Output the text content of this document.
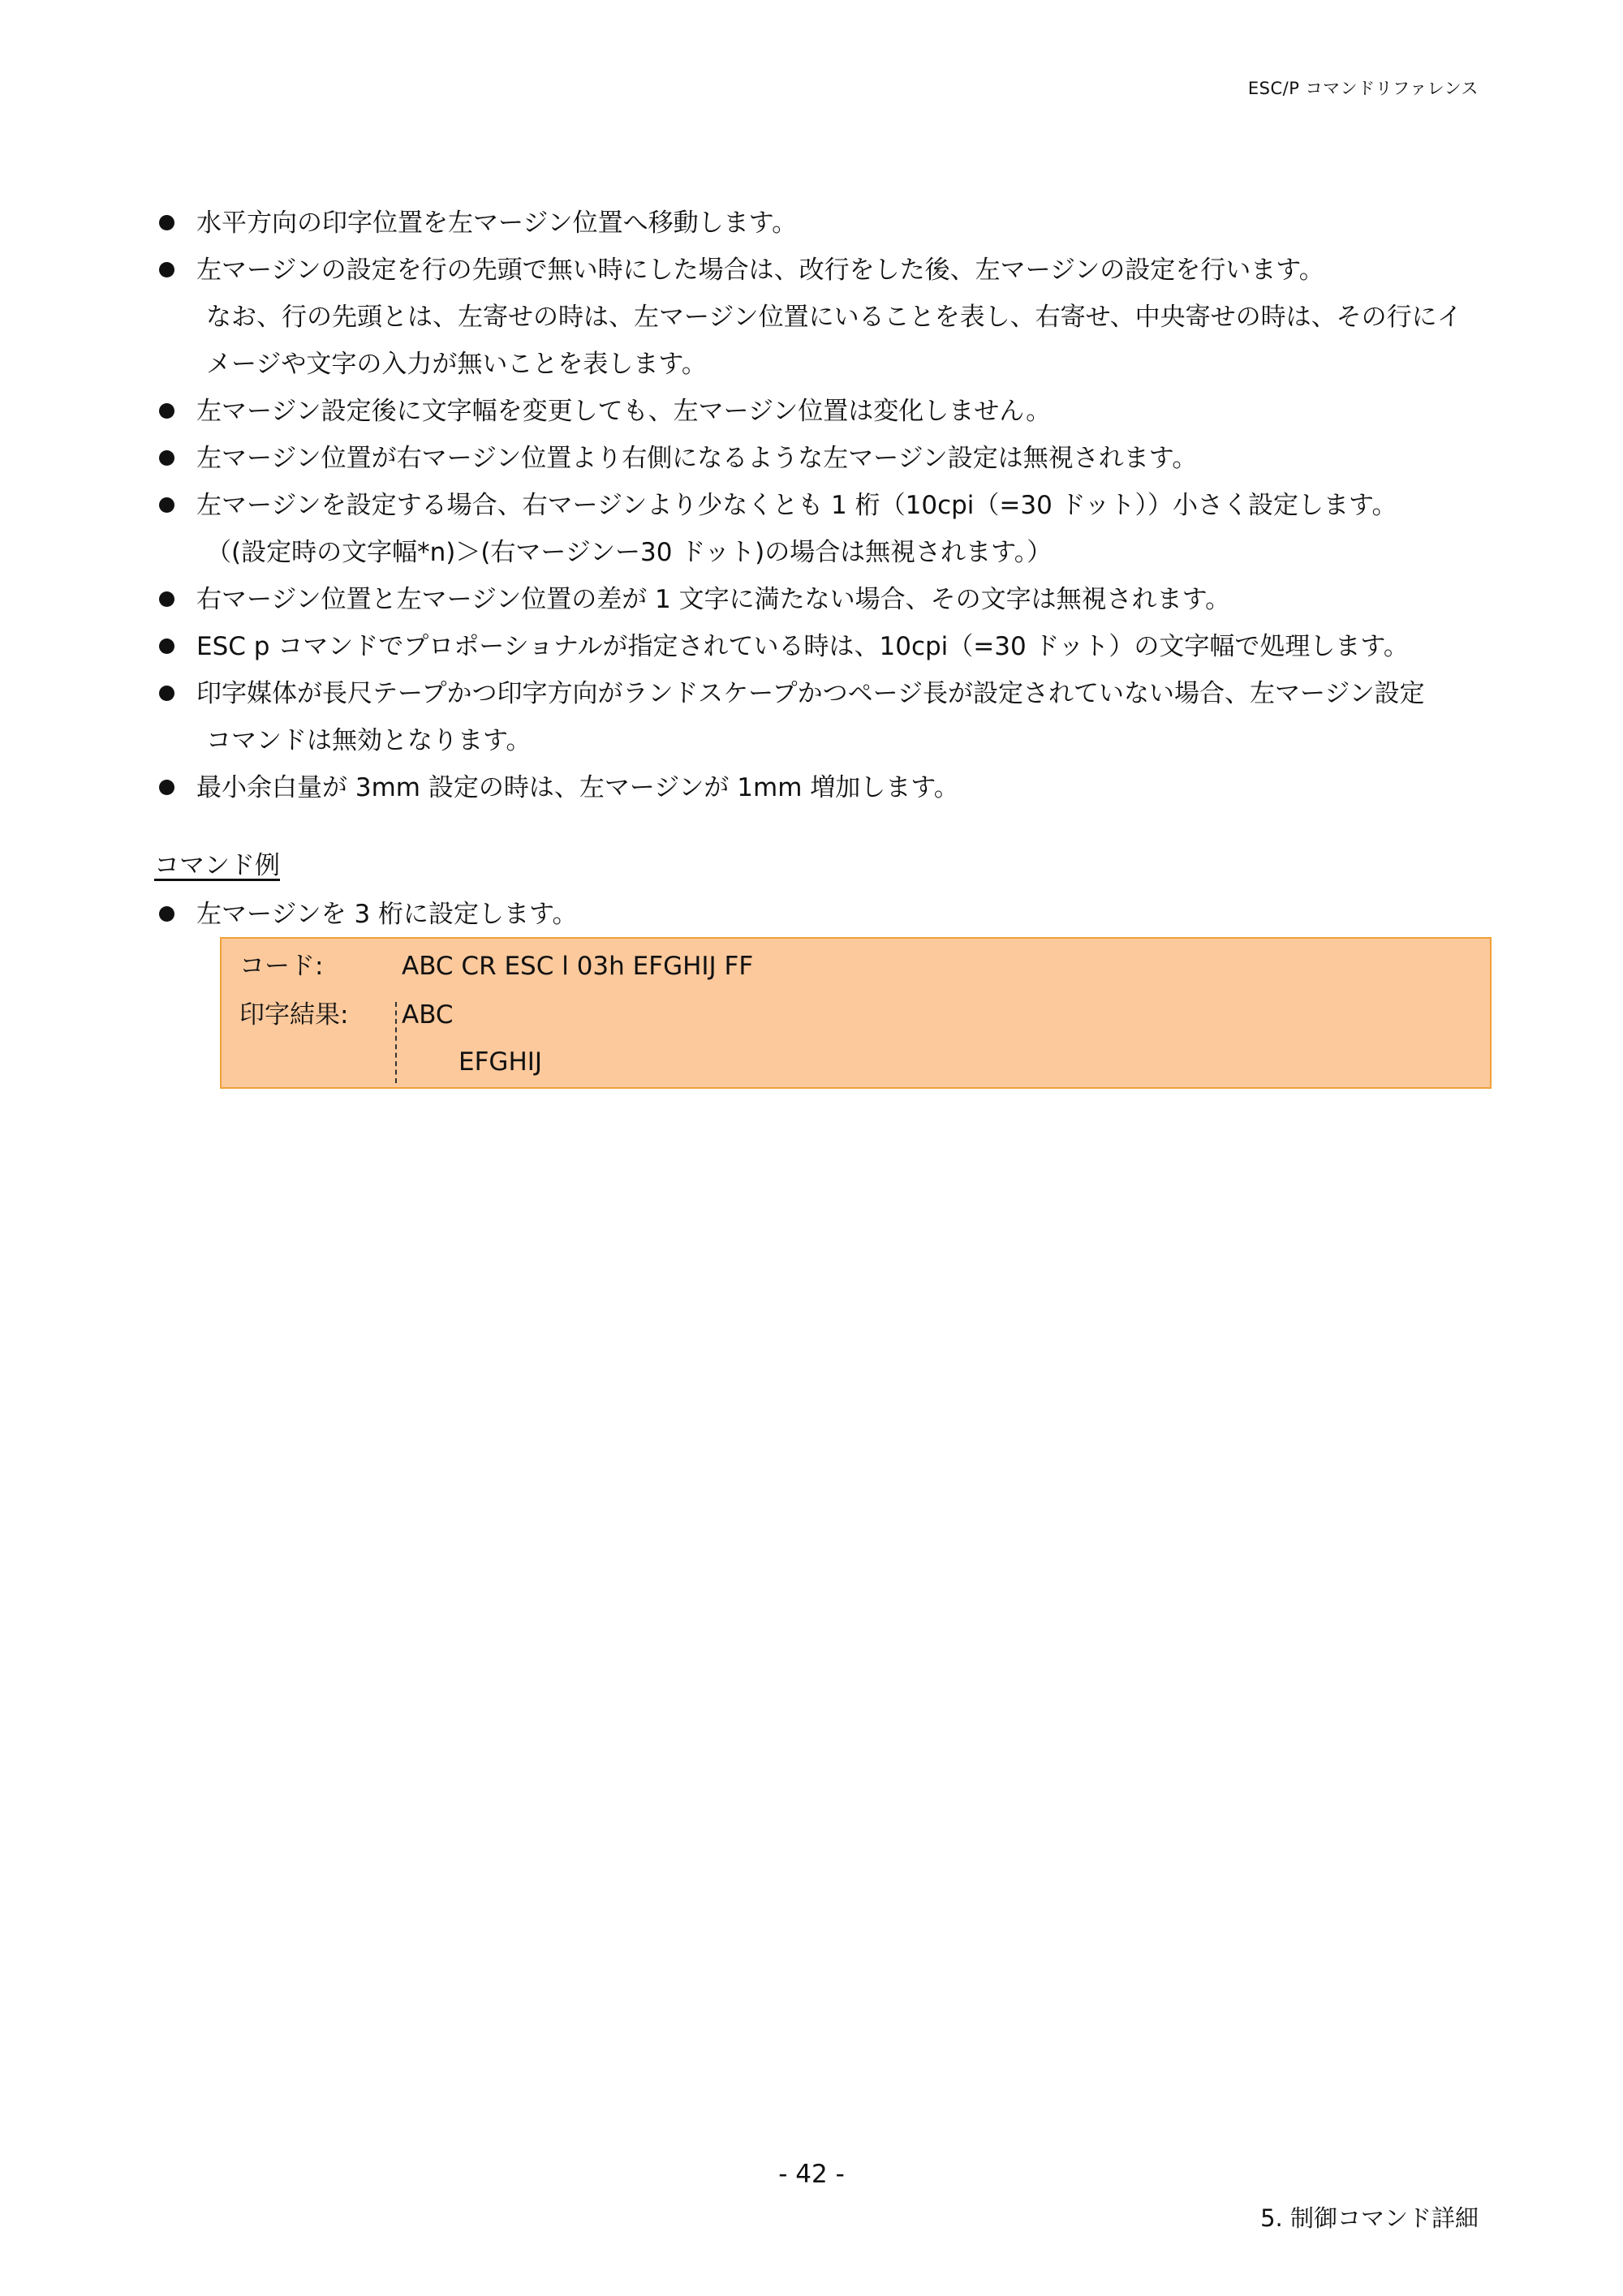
ESC/P コマンドリファレンス
水平方向の印字位置を左マージン位置へ移動します。
左マージンの設定を行の先頭で無い時にした場合は、改行をした後、左マージンの設定を行います。
なお、行の先頭とは、左寄せの時は、左マージン位置にいることを表し、右寄せ、中央寄せの時は、その行にイ
メージや文字の入力が無いことを表します。
左マージン設定後に文字幅を変更しても、左マージン位置は変化しません。
左マージン位置が右マージン位置より右側になるような左マージン設定は無視されます。
左マージンを設定する場合、右マージンより少なくとも 1 桁（10cpi（=30 ドット））小さく設定します。
（(設定時の文字幅*n)＞(右マージンー30 ドット)の場合は無視されます。）
右マージン位置と左マージン位置の差が 1 文字に満たない場合、その文字は無視されます。
ESC p コマンドでプロポーショナルが指定されている時は、10cpi（=30 ドット）の文字幅で処理します。
印字媒体が長尺テープかつ印字方向がランドスケープかつページ長が設定されていない場合、左マージン設定
コマンドは無効となります。
最小余白量が 3mm 設定の時は、左マージンが 1mm 増加します。
コマンド例
左マージンを 3 桁に設定します。
コード:	ABC CR ESC l 03h EFGHIJ FF
印字結果: ABC
EFGHIJ
- 42 -
5. 制御コマンド詳細
